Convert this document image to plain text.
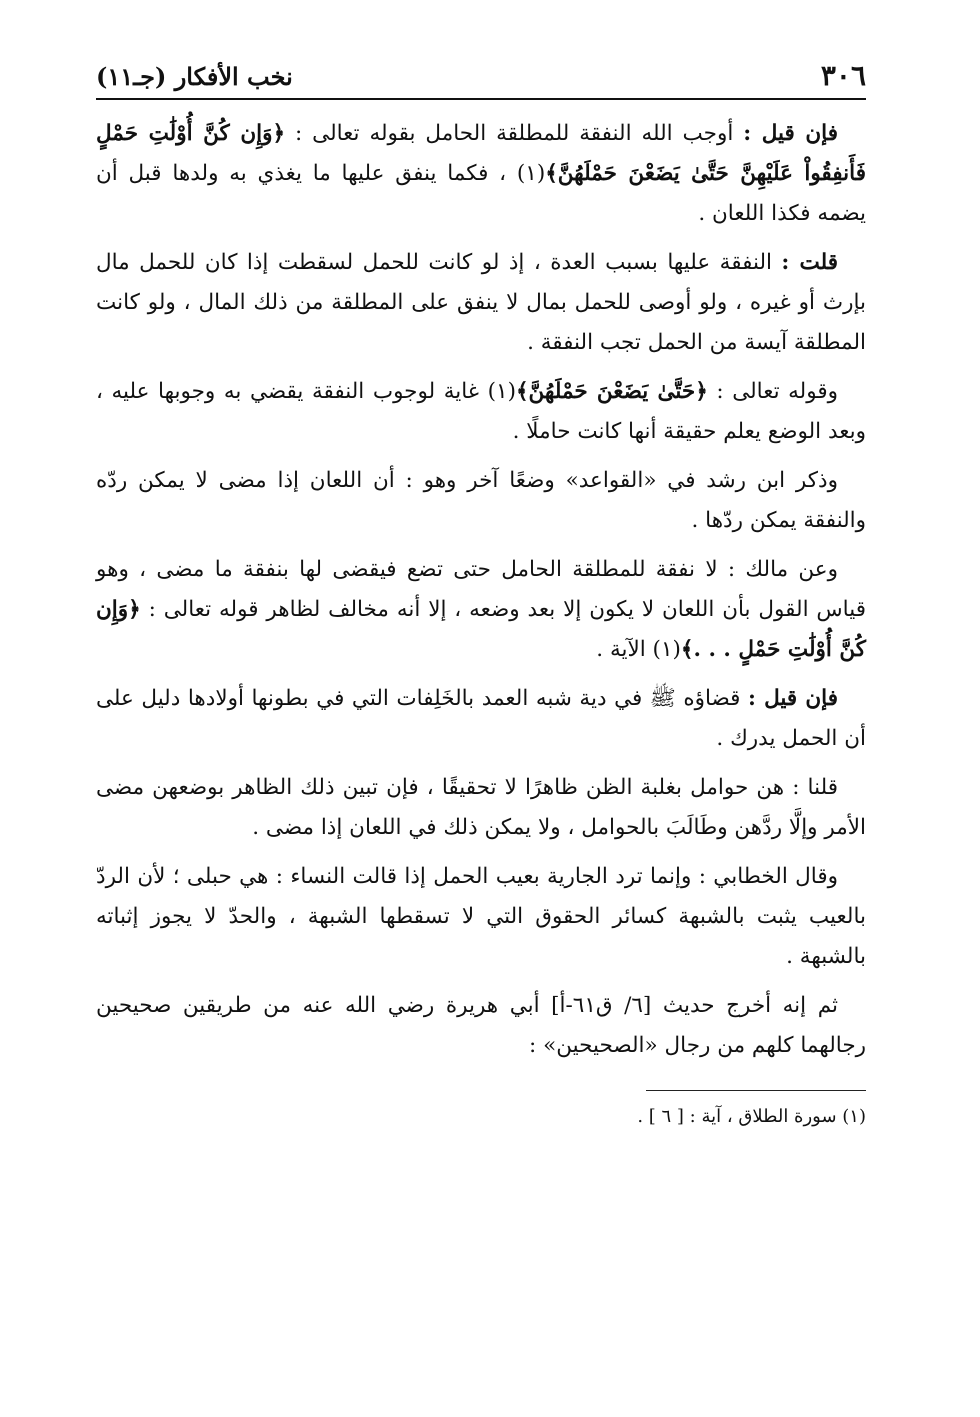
٣٠٦
نخب الأفكار (جـ١١)

فإن قيل : أوجب الله النفقة للمطلقة الحامل بقوله تعالى : ﴿وَإِن كُنَّ أُوْلَٰتِ حَمْلٍ فَأَنفِقُواْ عَلَيْهِنَّ حَتَّىٰ يَضَعْنَ حَمْلَهُنَّ﴾(١) ، فكما ينفق عليها ما يغذي به ولدها قبل أن يضمه فكذا اللعان .

قلت : النفقة عليها بسبب العدة ، إذ لو كانت للحمل لسقطت إذا كان للحمل مال بإرث أو غيره ، ولو أوصى للحمل بمال لا ينفق على المطلقة من ذلك المال ، ولو كانت المطلقة آيسة من الحمل تجب النفقة .

وقوله تعالى : ﴿حَتَّىٰ يَضَعْنَ حَمْلَهُنَّ﴾(١) غاية لوجوب النفقة يقضي به وجوبها عليه ، وبعد الوضع يعلم حقيقة أنها كانت حاملًا .

وذكر ابن رشد في «القواعد» وضعًا آخر وهو : أن اللعان إذا مضى لا يمكن ردّه والنفقة يمكن ردّها .

وعن مالك : لا نفقة للمطلقة الحامل حتى تضع فيقضى لها بنفقة ما مضى ، وهو قياس القول بأن اللعان لا يكون إلا بعد وضعه ، إلا أنه مخالف لظاهر قوله تعالى : ﴿وَإِن كُنَّ أُوْلَٰتِ حَمْلٍ . . .﴾(١) الآية .

فإن قيل : قضاؤه ﷺ في دية شبه العمد بالخَلِفات التي في بطونها أولادها دليل على أن الحمل يدرك .

قلنا : هن حوامل بغلبة الظن ظاهرًا لا تحقيقًا ، فإن تبين ذلك الظاهر بوضعهن مضى الأمر وإلَّا ردَّهن وطَالَبَ بالحوامل ، ولا يمكن ذلك في اللعان إذا مضى .

وقال الخطابي : وإنما ترد الجارية بعيب الحمل إذا قالت النساء : هي حبلى ؛ لأن الردّ بالعيب يثبت بالشبهة كسائر الحقوق التي لا تسقطها الشبهة ، والحدّ لا يجوز إثباته بالشبهة .

ثم إنه أخرج حديث [٦/ ق٦١-أ] أبي هريرة رضي الله عنه من طريقين صحيحين رجالهما كلهم من رجال «الصحيحين» :

(١) سورة الطلاق ، آية : [ ٦ ] .
